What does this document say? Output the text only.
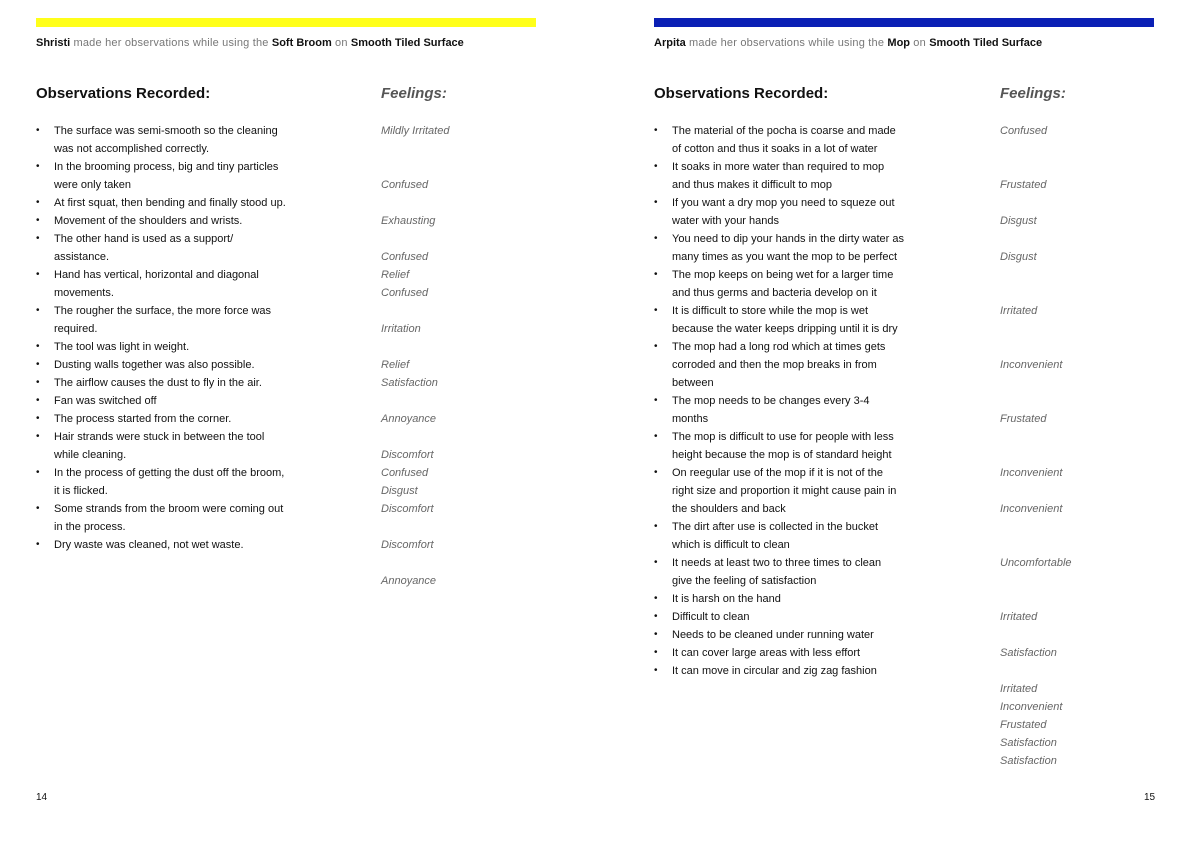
Shristi made her observations while using the Soft Broom on Smooth Tiled Surface
Observations Recorded:	Feelings:
• The surface was semi-smooth so the cleaning was not accomplished correctly.
• In the brooming process, big and tiny particles were only taken
• At first squat, then bending and finally stood up.
• Movement of the shoulders and wrists.
• The other hand is used as a support/ assistance.
• Hand has vertical, horizontal and diagonal movements.
• The rougher the surface, the more force was required.
• The tool was light in weight.
• Dusting walls together was also possible.
• The airflow causes the dust to fly in the air.
• Fan was switched off
• The process started from the corner.
• Hair strands were stuck in between the tool while cleaning.
• In the process of getting the dust off the broom, it is flicked.
• Some strands from the broom were coming out in the process.
• Dry waste was cleaned, not wet waste.
Mildly Irritated
Confused
Exhausting
Confused
Relief
Confused
Irritation
Relief
Satisfaction
Annoyance
Discomfort
Confused
Disgust
Discomfort
Discomfort
Annoyance
14
Arpita made her observations while using the Mop on Smooth Tiled Surface
Observations Recorded:	Feelings:
• The material of the pocha is coarse and made of cotton and thus it soaks in a lot of water
• It soaks in more water than required to mop and thus makes it difficult to mop
• If you want a dry mop you need to squeze out water with your hands
• You need to dip your hands in the dirty water as many times as you want the mop to be perfect
• The mop keeps on being wet for a larger time and thus germs and bacteria develop on it
• It is difficult to store while the mop is wet because the water keeps dripping until it is dry
• The mop had a long rod which at times gets corroded and then the mop breaks in from between
• The mop needs to be changes every 3-4 months
• The mop is difficult to use for people with less height because the mop is of standard height
• On reegular use of the mop if it is not of the right size and proportion it might cause pain in the shoulders and back
• The dirt after use is collected in the bucket which is difficult to clean
• It needs at least two to three times to clean give the feeling of satisfaction
• It is harsh on the hand
• Difficult to clean
• Needs to be cleaned under running water
• It can cover large areas with less effort
• It can move in circular and zig zag fashion
Confused
Frustated
Disgust
Disgust
Irritated
Inconvenient
Frustated
Inconvenient
Inconvenient
Uncomfortable
Irritated
Satisfaction
Irritated
Inconvenient
Frustated
Satisfaction
Satisfaction
15
